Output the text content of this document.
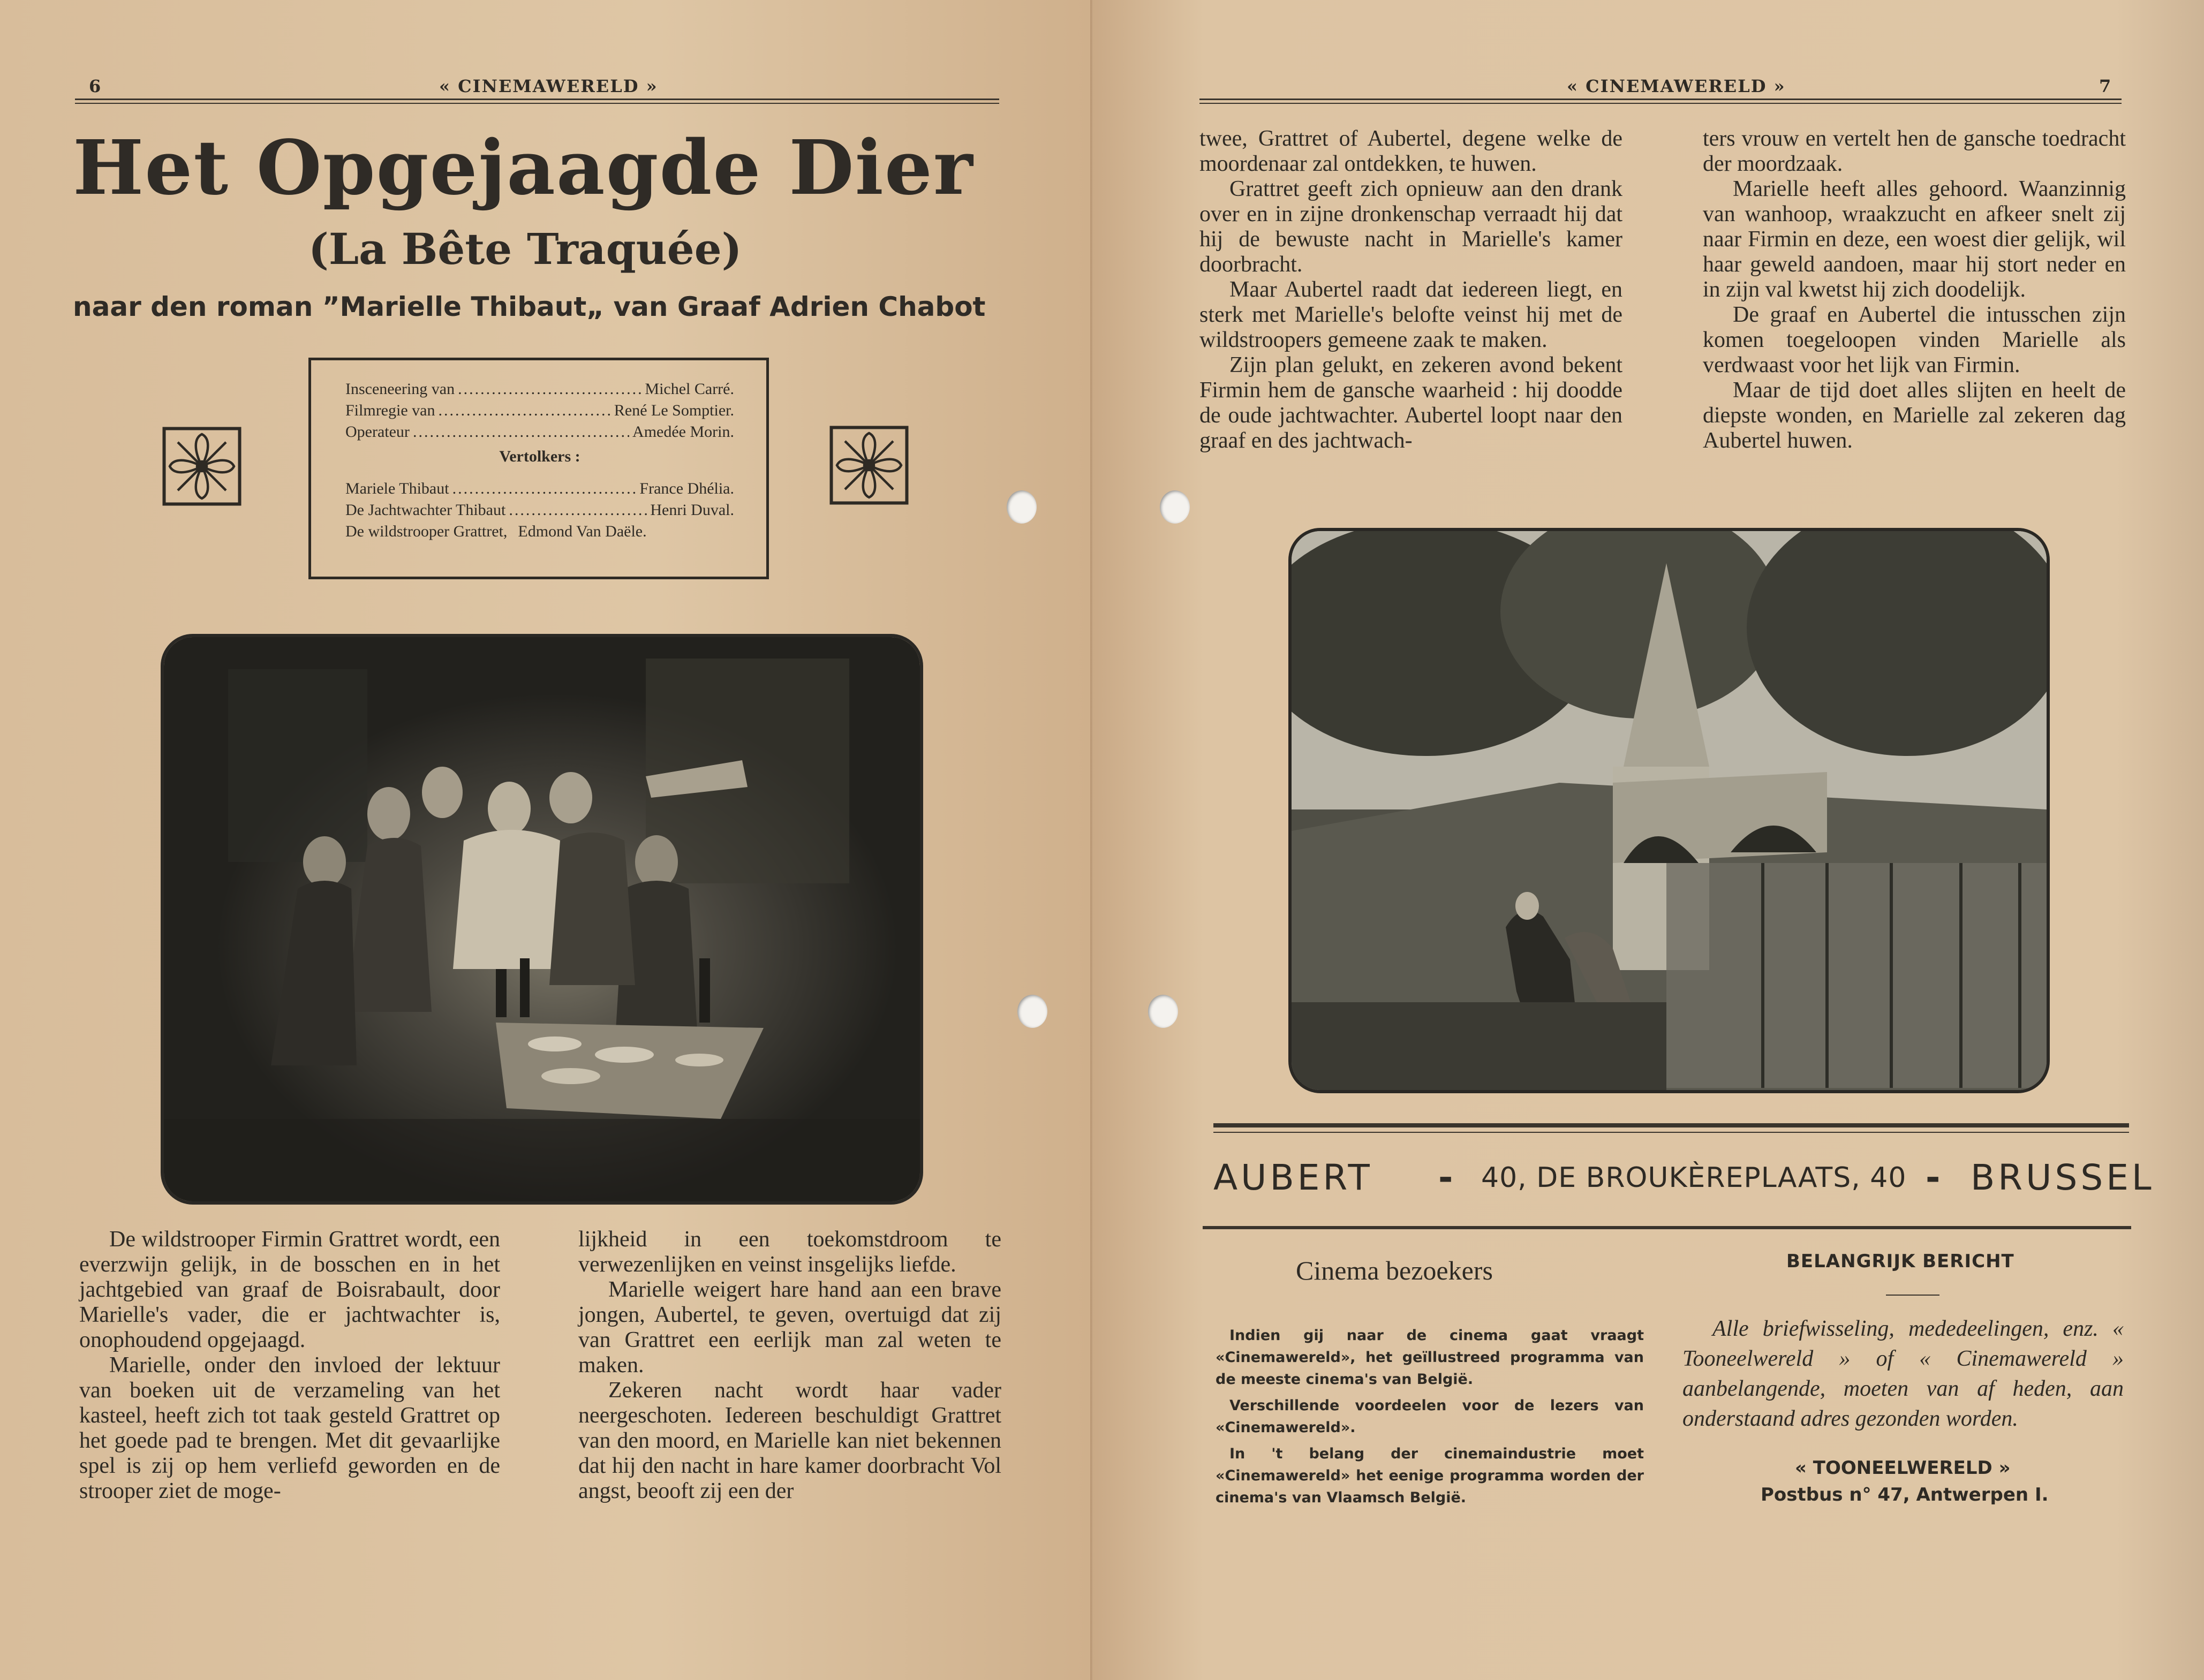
6	« CINEMAWERELD »
Het Opgejaagde Dier
(La Bête Traquée)
naar den roman ”Marielle Thibaut„ van Graaf Adrien Chabot
Insceneering van .....	Michel Carré.
Filmregie van .....	René Le Somptier.
Operateur .....	Amedée Morin.
Vertolkers :
Mariele Thibaut .....	France Dhélia.
De Jachtwachter Thibaut .....	Henri Duval.
De wildstrooper Grattret, Edmond Van Daële.

De wildstrooper Firmin Grattret wordt, een everzwijn gelijk, in de bosschen en in het jachtgebied van graaf de Boisrabault, door Marielle's vader, die er jachtwachter is, onophoudend opgejaagd.

Marielle, onder den invloed der lektuur van boeken uit de verzameling van het kasteel, heeft zich tot taak gesteld Grattret op het goede pad te brengen. Met dit gevaarlijke spel is zij op hem verliefd geworden en de strooper ziet de moge-

lijkheid in een toekomstdroom te verwezenlijken en veinst insgelijks liefde.

Marielle weigert hare hand aan een brave jongen, Aubertel, te geven, overtuigd dat zij van Grattret een eerlijk man zal weten te maken.

Zekeren nacht wordt haar vader neergeschoten. Iedereen beschuldigt Grattret van den moord, en Marielle kan niet bekennen dat hij den nacht in hare kamer doorbracht Vol angst, beooft zij een der

« CINEMAWERELD »	7

twee, Grattret of Aubertel, degene welke de moordenaar zal ontdekken, te huwen.

Grattret geeft zich opnieuw aan den drank over en in zijne dronkenschap verraadt hij dat hij de bewuste nacht in Marielle's kamer doorbracht.

Maar Aubertel raadt dat iedereen liegt, en sterk met Marielle's belofte veinst hij met de wildstroopers gemeene zaak te maken.

Zijn plan gelukt, en zekeren avond bekent Firmin hem de gansche waarheid : hij doodde de oude jachtwachter. Aubertel loopt naar den graaf en des jachtwach-

ters vrouw en vertelt hen de gansche toedracht der moordzaak.

Marielle heeft alles gehoord. Waanzinnig van wanhoop, wraakzucht en afkeer snelt zij naar Firmin en deze, een woest dier gelijk, wil haar geweld aandoen, maar hij stort neder en in zijn val kwetst hij zich doodelijk.

De graaf en Aubertel die intusschen zijn komen toegeloopen vinden Marielle als verdwaast voor het lijk van Firmin.

Maar de tijd doet alles slijten en heelt de diepste wonden, en Marielle zal zekeren dag Aubertel huwen.

AUBERT - 40, DE BROUKÈREPLAATS, 40 - BRUSSEL
Cinema bezoekers

Indien gij naar de cinema gaat vraagt «Cinemawereld», het geïllustreed programma van de meeste cinema's van België.

Verschillende voordeelen voor de lezers van «Cinemawereld».

In 't belang der cinemaindustrie moet «Cinemawereld» het eenige programma worden der cinema's van Vlaamsch België.

BELANGRIJK BERICHT
Alle briefwisseling, mededeelingen, enz. « Tooneelwereld » of « Cinemawereld » aanbelangende, moeten van af heden, aan onderstaand adres gezonden worden.
« TOONEELWERELD »
Postbus n° 47, Antwerpen I.
